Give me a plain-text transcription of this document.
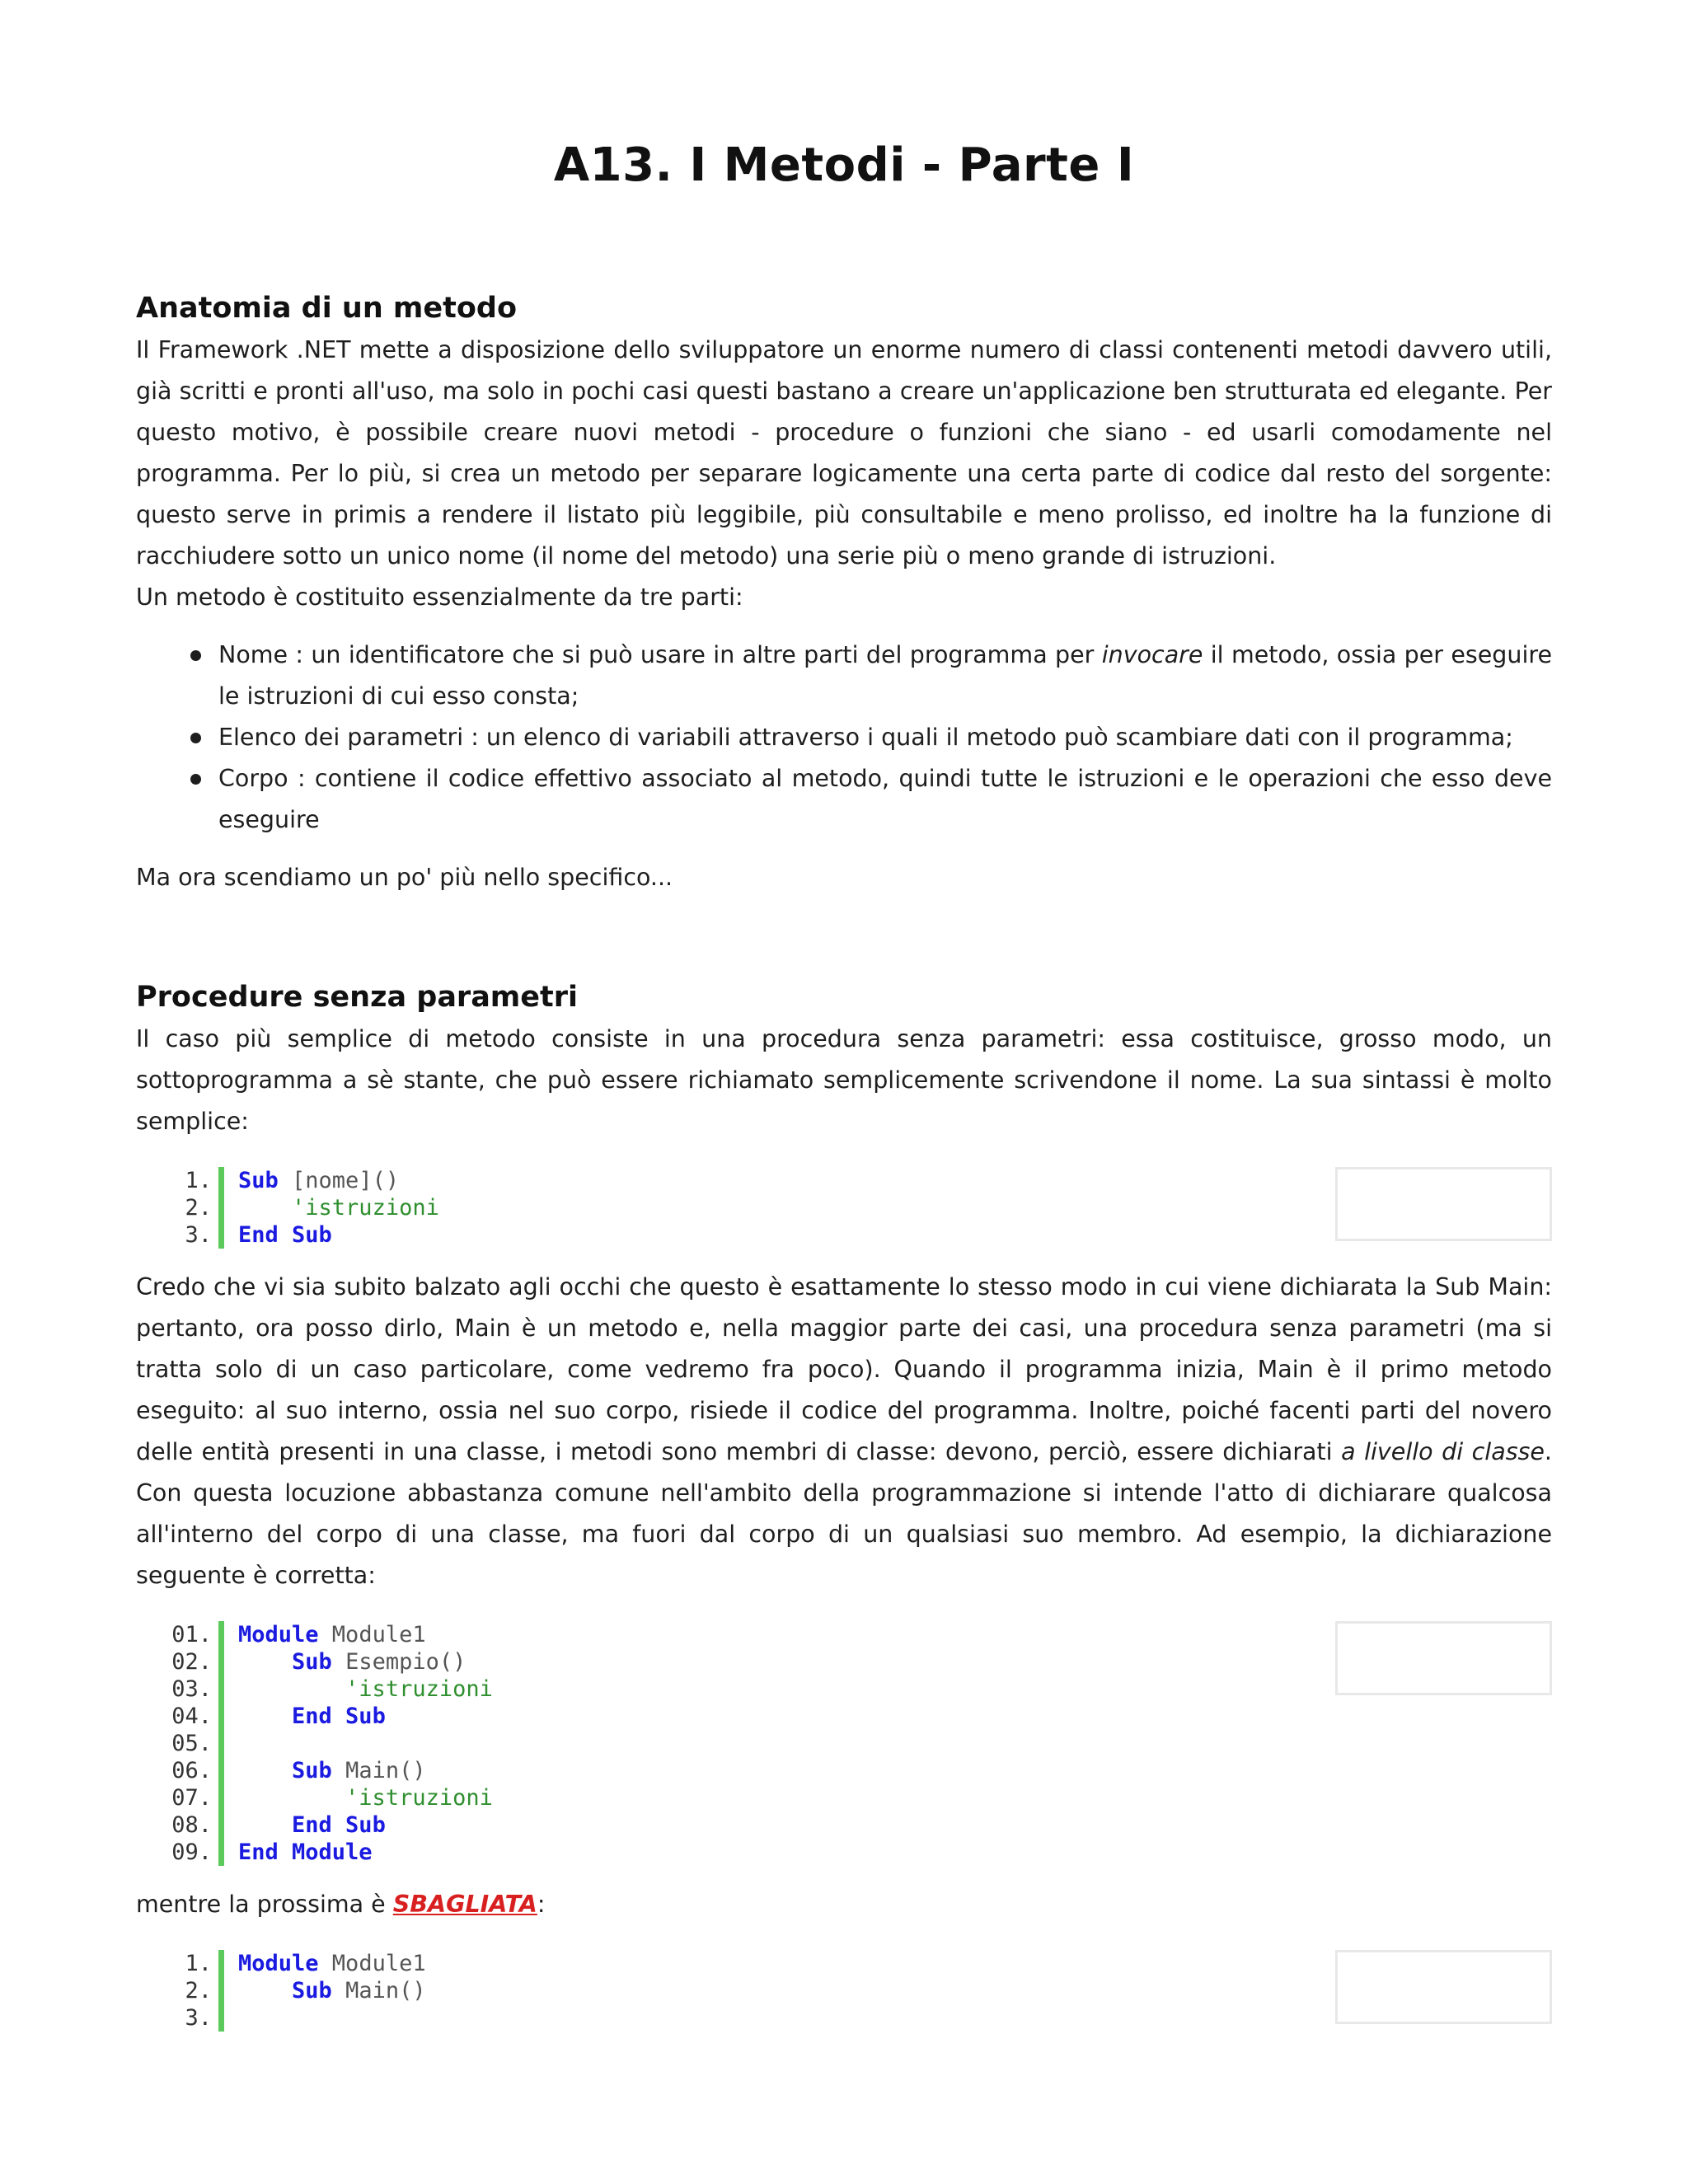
A13. I Metodi - Parte I
Anatomia di un metodo

Il Framework .NET mette a disposizione dello sviluppatore un enorme numero di classi contenenti metodi davvero utili, già scritti e pronti all'uso, ma solo in pochi casi questi bastano a creare un'applicazione ben strutturata ed elegante. Per questo motivo, è possibile creare nuovi metodi - procedure o funzioni che siano - ed usarli comodamente nel programma. Per lo più, si crea un metodo per separare logicamente una certa parte di codice dal resto del sorgente: questo serve in primis a rendere il listato più leggibile, più consultabile e meno prolisso, ed inoltre ha la funzione di racchiudere sotto un unico nome (il nome del metodo) una serie più o meno grande di istruzioni.

Un metodo è costituito essenzialmente da tre parti:

Nome : un identificatore che si può usare in altre parti del programma per invocare il metodo, ossia per eseguire le istruzioni di cui esso consta;
Elenco dei parametri : un elenco di variabili attraverso i quali il metodo può scambiare dati con il programma;
Corpo : contiene il codice effettivo associato al metodo, quindi tutte le istruzioni e le operazioni che esso deve eseguire

Ma ora scendiamo un po' più nello specifico...

Procedure senza parametri

Il caso più semplice di metodo consiste in una procedura senza parametri: essa costituisce, grosso modo, un sottoprogramma a sè stante, che può essere richiamato semplicemente scrivendone il nome. La sua sintassi è molto semplice:

1. Sub [nome]()
2.	'istruzioni
3. End Sub

Credo che vi sia subito balzato agli occhi che questo è esattamente lo stesso modo in cui viene dichiarata la Sub Main: pertanto, ora posso dirlo, Main è un metodo e, nella maggior parte dei casi, una procedura senza parametri (ma si tratta solo di un caso particolare, come vedremo fra poco). Quando il programma inizia, Main è il primo metodo eseguito: al suo interno, ossia nel suo corpo, risiede il codice del programma. Inoltre, poiché facenti parti del novero delle entità presenti in una classe, i metodi sono membri di classe: devono, perciò, essere dichiarati a livello di classe. Con questa locuzione abbastanza comune nell'ambito della programmazione si intende l'atto di dichiarare qualcosa all'interno del corpo di una classe, ma fuori dal corpo di un qualsiasi suo membro. Ad esempio, la dichiarazione seguente è corretta:

01. Module Module1
02.	Sub Esempio()
03.	'istruzioni
04.	End Sub
05.
06.	Sub Main()
07.	'istruzioni
08.	End Sub
09. End Module

mentre la prossima è SBAGLIATA:

1. Module Module1
2.	Sub Main()
3.
